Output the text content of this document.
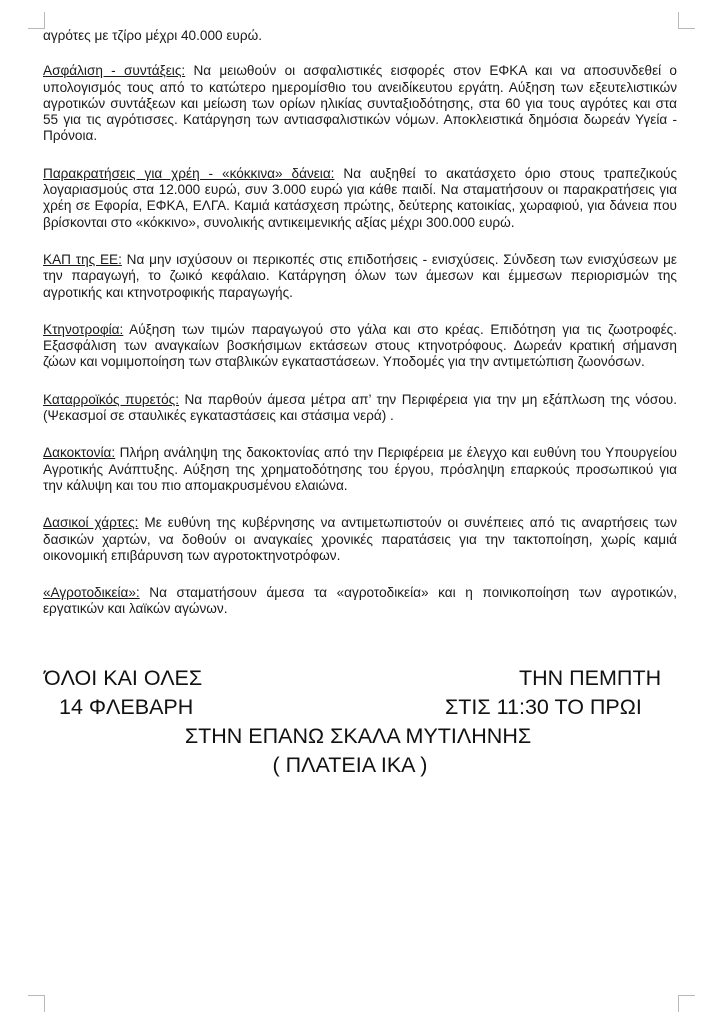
αγρότες με τζίρο μέχρι 40.000 ευρώ.

Ασφάλιση - συντάξεις: Να μειωθούν οι ασφαλιστικές εισφορές στον ΕΦΚΑ και να αποσυνδεθεί ο υπολογισμός τους από το κατώτερο ημερομίσθιο του ανειδίκευτου εργάτη. Αύξηση των εξευτελιστικών αγροτικών συντάξεων και μείωση των ορίων ηλικίας συνταξιοδότησης, στα 60 για τους αγρότες και στα 55 για τις αγρότισσες. Κατάργηση των αντιασφαλιστικών νόμων. Αποκλειστικά δημόσια δωρεάν Υγεία - Πρόνοια.

Παρακρατήσεις για χρέη - «κόκκινα» δάνεια: Να αυξηθεί το ακατάσχετο όριο στους τραπεζικούς λογαριασμούς στα 12.000 ευρώ, συν 3.000 ευρώ για κάθε παιδί. Να σταματήσουν οι παρακρατήσεις για χρέη σε Εφορία, ΕΦΚΑ, ΕΛΓΑ. Καμιά κατάσχεση πρώτης, δεύτερης κατοικίας, χωραφιού, για δάνεια που βρίσκονται στο «κόκκινο», συνολικής αντικειμενικής αξίας μέχρι 300.000 ευρώ.

ΚΑΠ της ΕΕ: Να μην ισχύσουν οι περικοπές στις επιδοτήσεις - ενισχύσεις. Σύνδεση των ενισχύσεων με την παραγωγή, το ζωικό κεφάλαιο. Κατάργηση όλων των άμεσων και έμμεσων περιορισμών της αγροτικής και κτηνοτροφικής παραγωγής.

Κτηνοτροφία: Αύξηση των τιμών παραγωγού στο γάλα και στο κρέας. Επιδότηση για τις ζωοτροφές. Εξασφάλιση των αναγκαίων βοσκήσιμων εκτάσεων στους κτηνοτρόφους. Δωρεάν κρατική σήμανση ζώων και νομιμοποίηση των σταβλικών εγκαταστάσεων. Υποδομές για την αντιμετώπιση ζωονόσων.

Καταρροϊκός πυρετός: Να παρθούν άμεσα μέτρα απ’ την Περιφέρεια για την μη εξάπλωση της νόσου. (Ψεκασμοί σε σταυλικές εγκαταστάσεις και στάσιμα νερά) .

Δακοκτονία: Πλήρη ανάληψη της δακοκτονίας από την Περιφέρεια με έλεγχο και ευθύνη του Υπουργείου Αγροτικής Ανάπτυξης. Αύξηση της χρηματοδότησης του έργου, πρόσληψη επαρκούς προσωπικού για την κάλυψη και του πιο απομακρυσμένου ελαιώνα.

Δασικοί χάρτες: Με ευθύνη της κυβέρνησης να αντιμετωπιστούν οι συνέπειες από τις αναρτήσεις των δασικών χαρτών, να δοθούν οι αναγκαίες χρονικές παρατάσεις για την τακτοποίηση, χωρίς καμιά οικονομική επιβάρυνση των αγροτοκτηνοτρόφων.

«Αγροτοδικεία»: Να σταματήσουν άμεσα τα «αγροτοδικεία» και η ποινικοποίηση των αγροτικών, εργατικών και λαϊκών αγώνων.

ΌΛΟΙ ΚΑΙ ΟΛΕΣ	ΤΗΝ ΠΕΜΠΤΗ
14 ΦΛΕΒΑΡΗ	ΣΤΙΣ 11:30 ΤΟ ΠΡΩΙ
ΣΤΗΝ ΕΠΑΝΩ ΣΚΑΛΑ ΜΥΤΙΛΗΝΗΣ
( ΠΛΑΤΕΙΑ ΙΚΑ )
